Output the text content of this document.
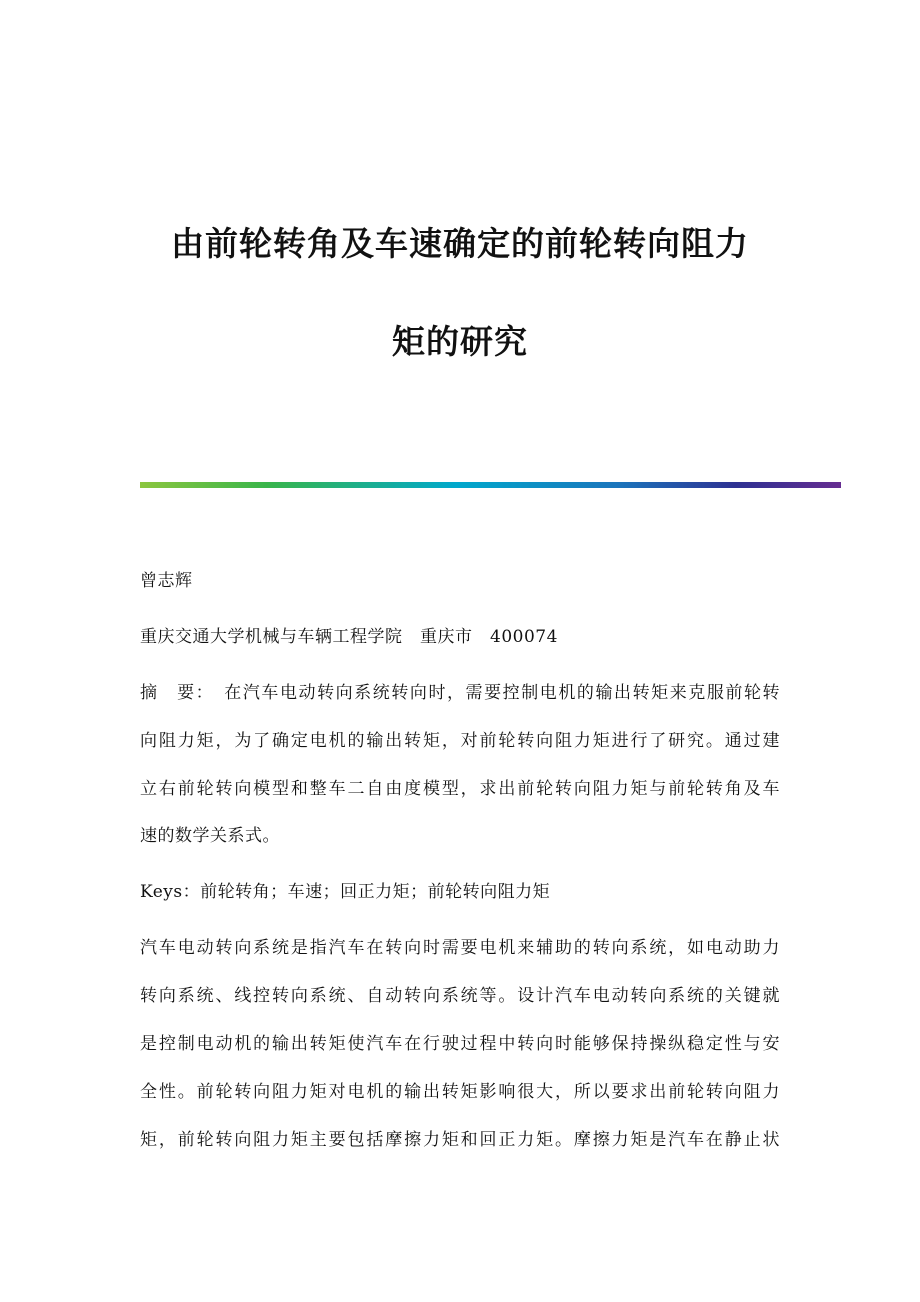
由前轮转角及车速确定的前轮转向阻力
矩的研究
曾志辉
重庆交通大学机械与车辆工程学院　重庆市　400074
摘　要：　在汽车电动转向系统转向时，需要控制电机的输出转矩来克服前轮转
向阻力矩，为了确定电机的输出转矩，对前轮转向阻力矩进行了研究。通过建
立右前轮转向模型和整车二自由度模型，求出前轮转向阻力矩与前轮转角及车
速的数学关系式。
Keys：前轮转角；车速；回正力矩；前轮转向阻力矩
汽车电动转向系统是指汽车在转向时需要电机来辅助的转向系统，如电动助力
转向系统、线控转向系统、自动转向系统等。设计汽车电动转向系统的关键就
是控制电动机的输出转矩使汽车在行驶过程中转向时能够保持操纵稳定性与安
全性。前轮转向阻力矩对电机的输出转矩影响很大，所以要求出前轮转向阻力
矩，前轮转向阻力矩主要包括摩擦力矩和回正力矩。摩擦力矩是汽车在静止状
